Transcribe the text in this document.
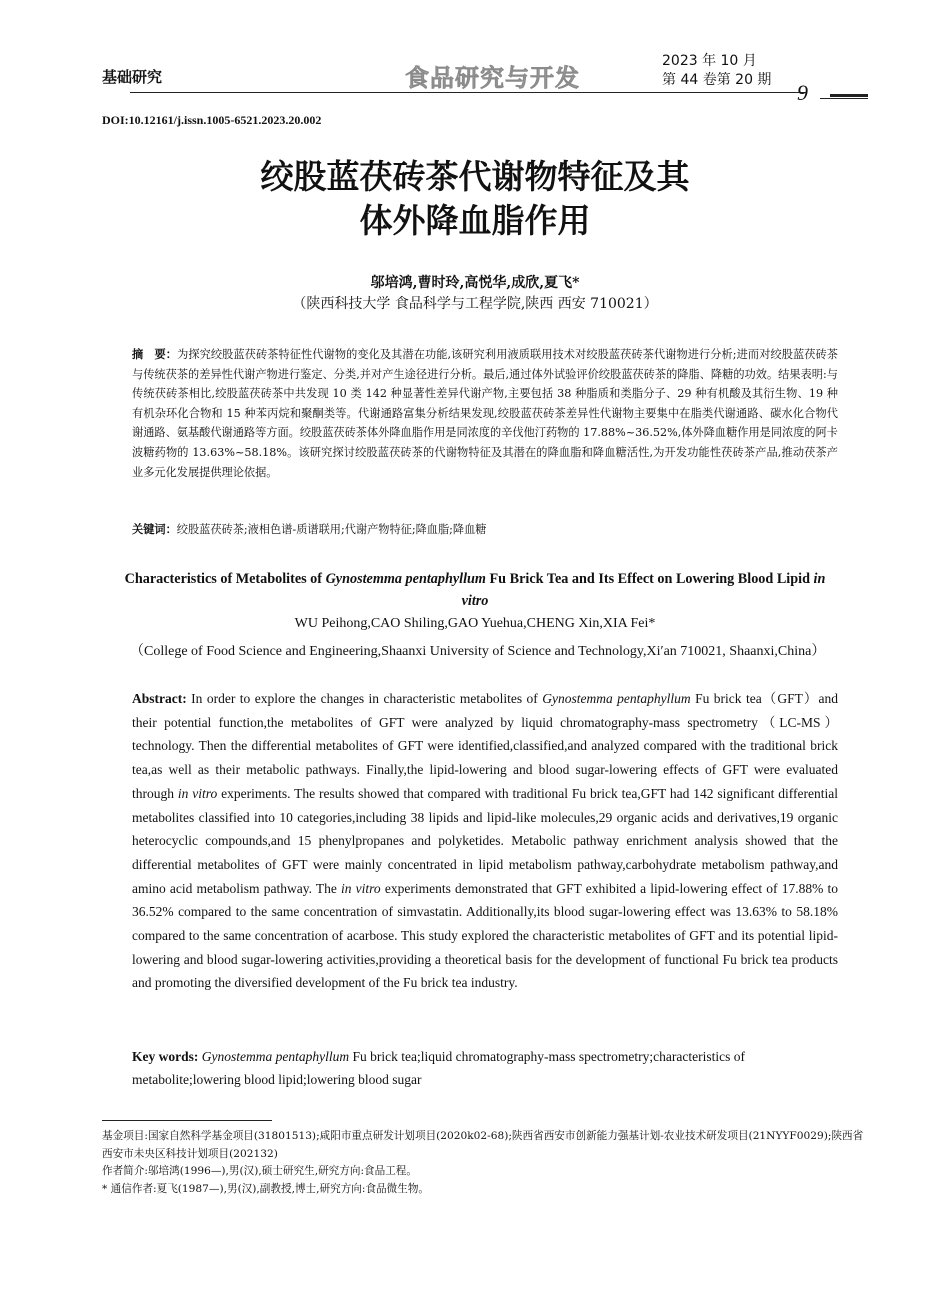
基础研究	食品研究与开发
2023 年 10 月
第 44 卷第 20 期 9
DOI:10.12161/j.issn.1005-6521.2023.20.002
绞股蓝茯砖茶代谢物特征及其
体外降血脂作用
邬培鸿,曹时玲,高悦华,成欣,夏飞*
（陕西科技大学 食品科学与工程学院,陕西 西安 710021）
摘　要：为探究绞股蓝茯砖茶特征性代谢物的变化及其潜在功能,该研究利用液质联用技术对绞股蓝茯砖茶代谢物进行分析;进而对绞股蓝茯砖茶与传统茯茶的差异性代谢产物进行鉴定、分类,并对产生途径进行分析。最后,通过体外试验评价绞股蓝茯砖茶的降脂、降糖的功效。结果表明:与传统茯砖茶相比,绞股蓝茯砖茶中共发现 10 类 142 种显著性差异代谢产物,主要包括 38 种脂质和类脂分子、29 种有机酸及其衍生物、19 种有机杂环化合物和 15 种苯丙烷和聚酮类等。代谢通路富集分析结果发现,绞股蓝茯砖茶差异性代谢物主要集中在脂类代谢通路、碳水化合物代谢通路、氨基酸代谢通路等方面。绞股蓝茯砖茶体外降血脂作用是同浓度的辛伐他汀药物的 17.88%~36.52%,体外降血糖作用是同浓度的阿卡波糖药物的 13.63%~58.18%。该研究探讨绞股蓝茯砖茶的代谢物特征及其潜在的降血脂和降血糖活性,为开发功能性茯砖茶产品,推动茯茶产业多元化发展提供理论依据。
关键词：绞股蓝茯砖茶;液相色谱-质谱联用;代谢产物特征;降血脂;降血糖
Characteristics of Metabolites of Gynostemma pentaphyllum Fu Brick Tea and Its Effect on Lowering Blood Lipid in vitro
WU Peihong,CAO Shiling,GAO Yuehua,CHENG Xin,XIA Fei*
（College of Food Science and Engineering,Shaanxi University of Science and Technology,Xi′an 710021, Shaanxi,China）
Abstract: In order to explore the changes in characteristic metabolites of Gynostemma pentaphyllum Fu brick tea（GFT）and their potential function,the metabolites of GFT were analyzed by liquid chromatography-mass spectrometry（LC-MS）technology. Then the differential metabolites of GFT were identified,classified,and analyzed compared with the traditional brick tea,as well as their metabolic pathways. Finally,the lipid-lowering and blood sugar-lowering effects of GFT were evaluated through in vitro experiments. The results showed that compared with traditional Fu brick tea,GFT had 142 significant differential metabolites classified into 10 categories,including 38 lipids and lipid-like molecules,29 organic acids and derivatives,19 organic heterocyclic compounds,and 15 phenylpropanes and polyketides. Metabolic pathway enrichment analysis showed that the differential metabolites of GFT were mainly concentrated in lipid metabolism pathway,carbohydrate metabolism pathway,and amino acid metabolism pathway. The in vitro experiments demonstrated that GFT exhibited a lipid-lowering effect of 17.88% to 36.52% compared to the same concentration of simvastatin. Additionally,its blood sugar-lowering effect was 13.63% to 58.18% compared to the same concentration of acarbose. This study explored the characteristic metabolites of GFT and its potential lipid-lowering and blood sugar-lowering activities,providing a theoretical basis for the development of functional Fu brick tea products and promoting the diversified development of the Fu brick tea industry.
Key words: Gynostemma pentaphyllum Fu brick tea;liquid chromatography-mass spectrometry;characteristics of metabolite;lowering blood lipid;lowering blood sugar

基金项目:国家自然科学基金项目(31801513);咸阳市重点研发计划项目(2020k02-68);陕西省西安市创新能力强基计划-农业技术研发项目(21NYYF0029);陕西省西安市未央区科技计划项目(202132)

作者简介:邬培鸿(1996—),男(汉),硕士研究生,研究方向:食品工程。

* 通信作者:夏飞(1987—),男(汉),副教授,博士,研究方向:食品微生物。
